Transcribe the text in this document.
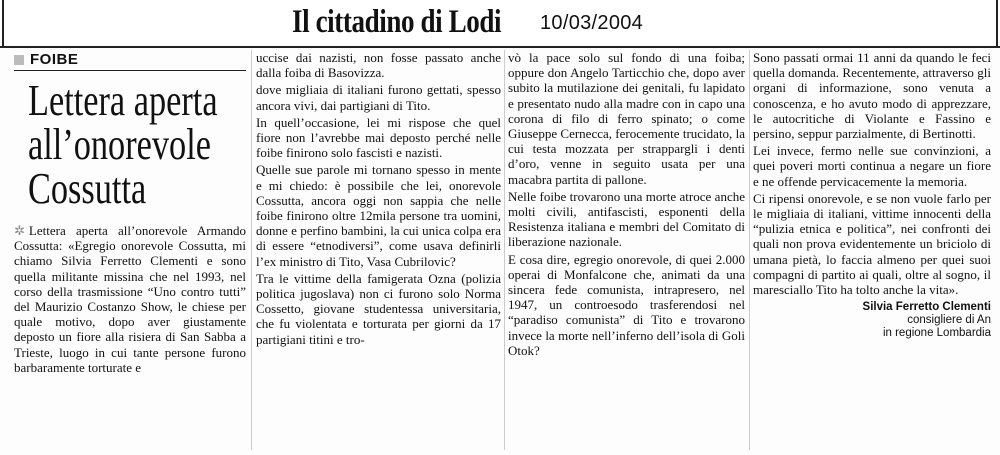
Il cittadino di Lodi 10/03/2004
FOIBE
Lettera aperta
all’onorevole
Cossutta

✲ Lettera aperta all’onorevole Armando Cossutta: «Egregio onorevole Cossutta, mi chiamo Silvia Ferretto Clementi e sono quella militante missina che nel 1993, nel corso della trasmissione “Uno contro tutti” del Maurizio Costanzo Show, le chiese per quale motivo, dopo aver giustamente deposto un fiore alla risiera di San Sabba a Trieste, luogo in cui tante persone furono barbaramente torturate e

uccise dai nazisti, non fosse passato anche dalla foiba di Basovizza.

dove migliaia di italiani furono gettati, spesso ancora vivi, dai partigiani di Tito.

In quell’occasione, lei mi rispose che quel fiore non l’avrebbe mai deposto perché nelle foibe finirono solo fascisti e nazisti.

Quelle sue parole mi tornano spesso in mente e mi chiedo: è possibile che lei, onorevole Cossutta, ancora oggi non sappia che nelle foibe finirono oltre 12mila persone tra uomini, donne e perfino bambini, la cui unica colpa era di essere “etnodiversi”, come usava definirli l’ex ministro di Tito, Vasa Cubrilovic?

Tra le vittime della famigerata Ozna (polizia politica jugoslava) non ci furono solo Norma Cossetto, giovane studentessa universitaria, che fu violentata e torturata per giorni da 17 partigiani titini e tro-

vò la pace solo sul fondo di una foiba; oppure don Angelo Tarticchio che, dopo aver subito la mutilazione dei genitali, fu lapidato e presentato nudo alla madre con in capo una corona di filo di ferro spinato; o come Giuseppe Cernecca, ferocemente trucidato, la cui testa mozzata per strappargli i denti d’oro, venne in seguito usata per una macabra partita di pallone.

Nelle foibe trovarono una morte atroce anche molti civili, antifascisti, esponenti della Resistenza italiana e membri del Comitato di liberazione nazionale.

E cosa dire, egregio onorevole, di quei 2.000 operai di Monfalcone che, animati da una sincera fede comunista, intrapresero, nel 1947, un controesodo trasferendosi nel “paradiso comunista” di Tito e trovarono invece la morte nell’inferno dell’isola di Goli Otok?

Sono passati ormai 11 anni da quando le feci quella domanda. Recentemente, attraverso gli organi di informazione, sono venuta a conoscenza, e ho avuto modo di apprezzare, le autocritiche di Violante e Fassino e persino, seppur parzialmente, di Bertinotti.

Lei invece, fermo nelle sue convinzioni, a quei poveri morti continua a negare un fiore e ne offende pervicacemente la memoria.

Ci ripensi onorevole, e se non vuole farlo per le migliaia di italiani, vittime innocenti della “pulizia etnica e politica”, nei confronti dei quali non prova evidentemente un briciolo di umana pietà, lo faccia almeno per quei suoi compagni di partito ai quali, oltre al sogno, il maresciallo Tito ha tolto anche la vita».

Silvia Ferretto Clementi
consigliere di An
in regione Lombardia
